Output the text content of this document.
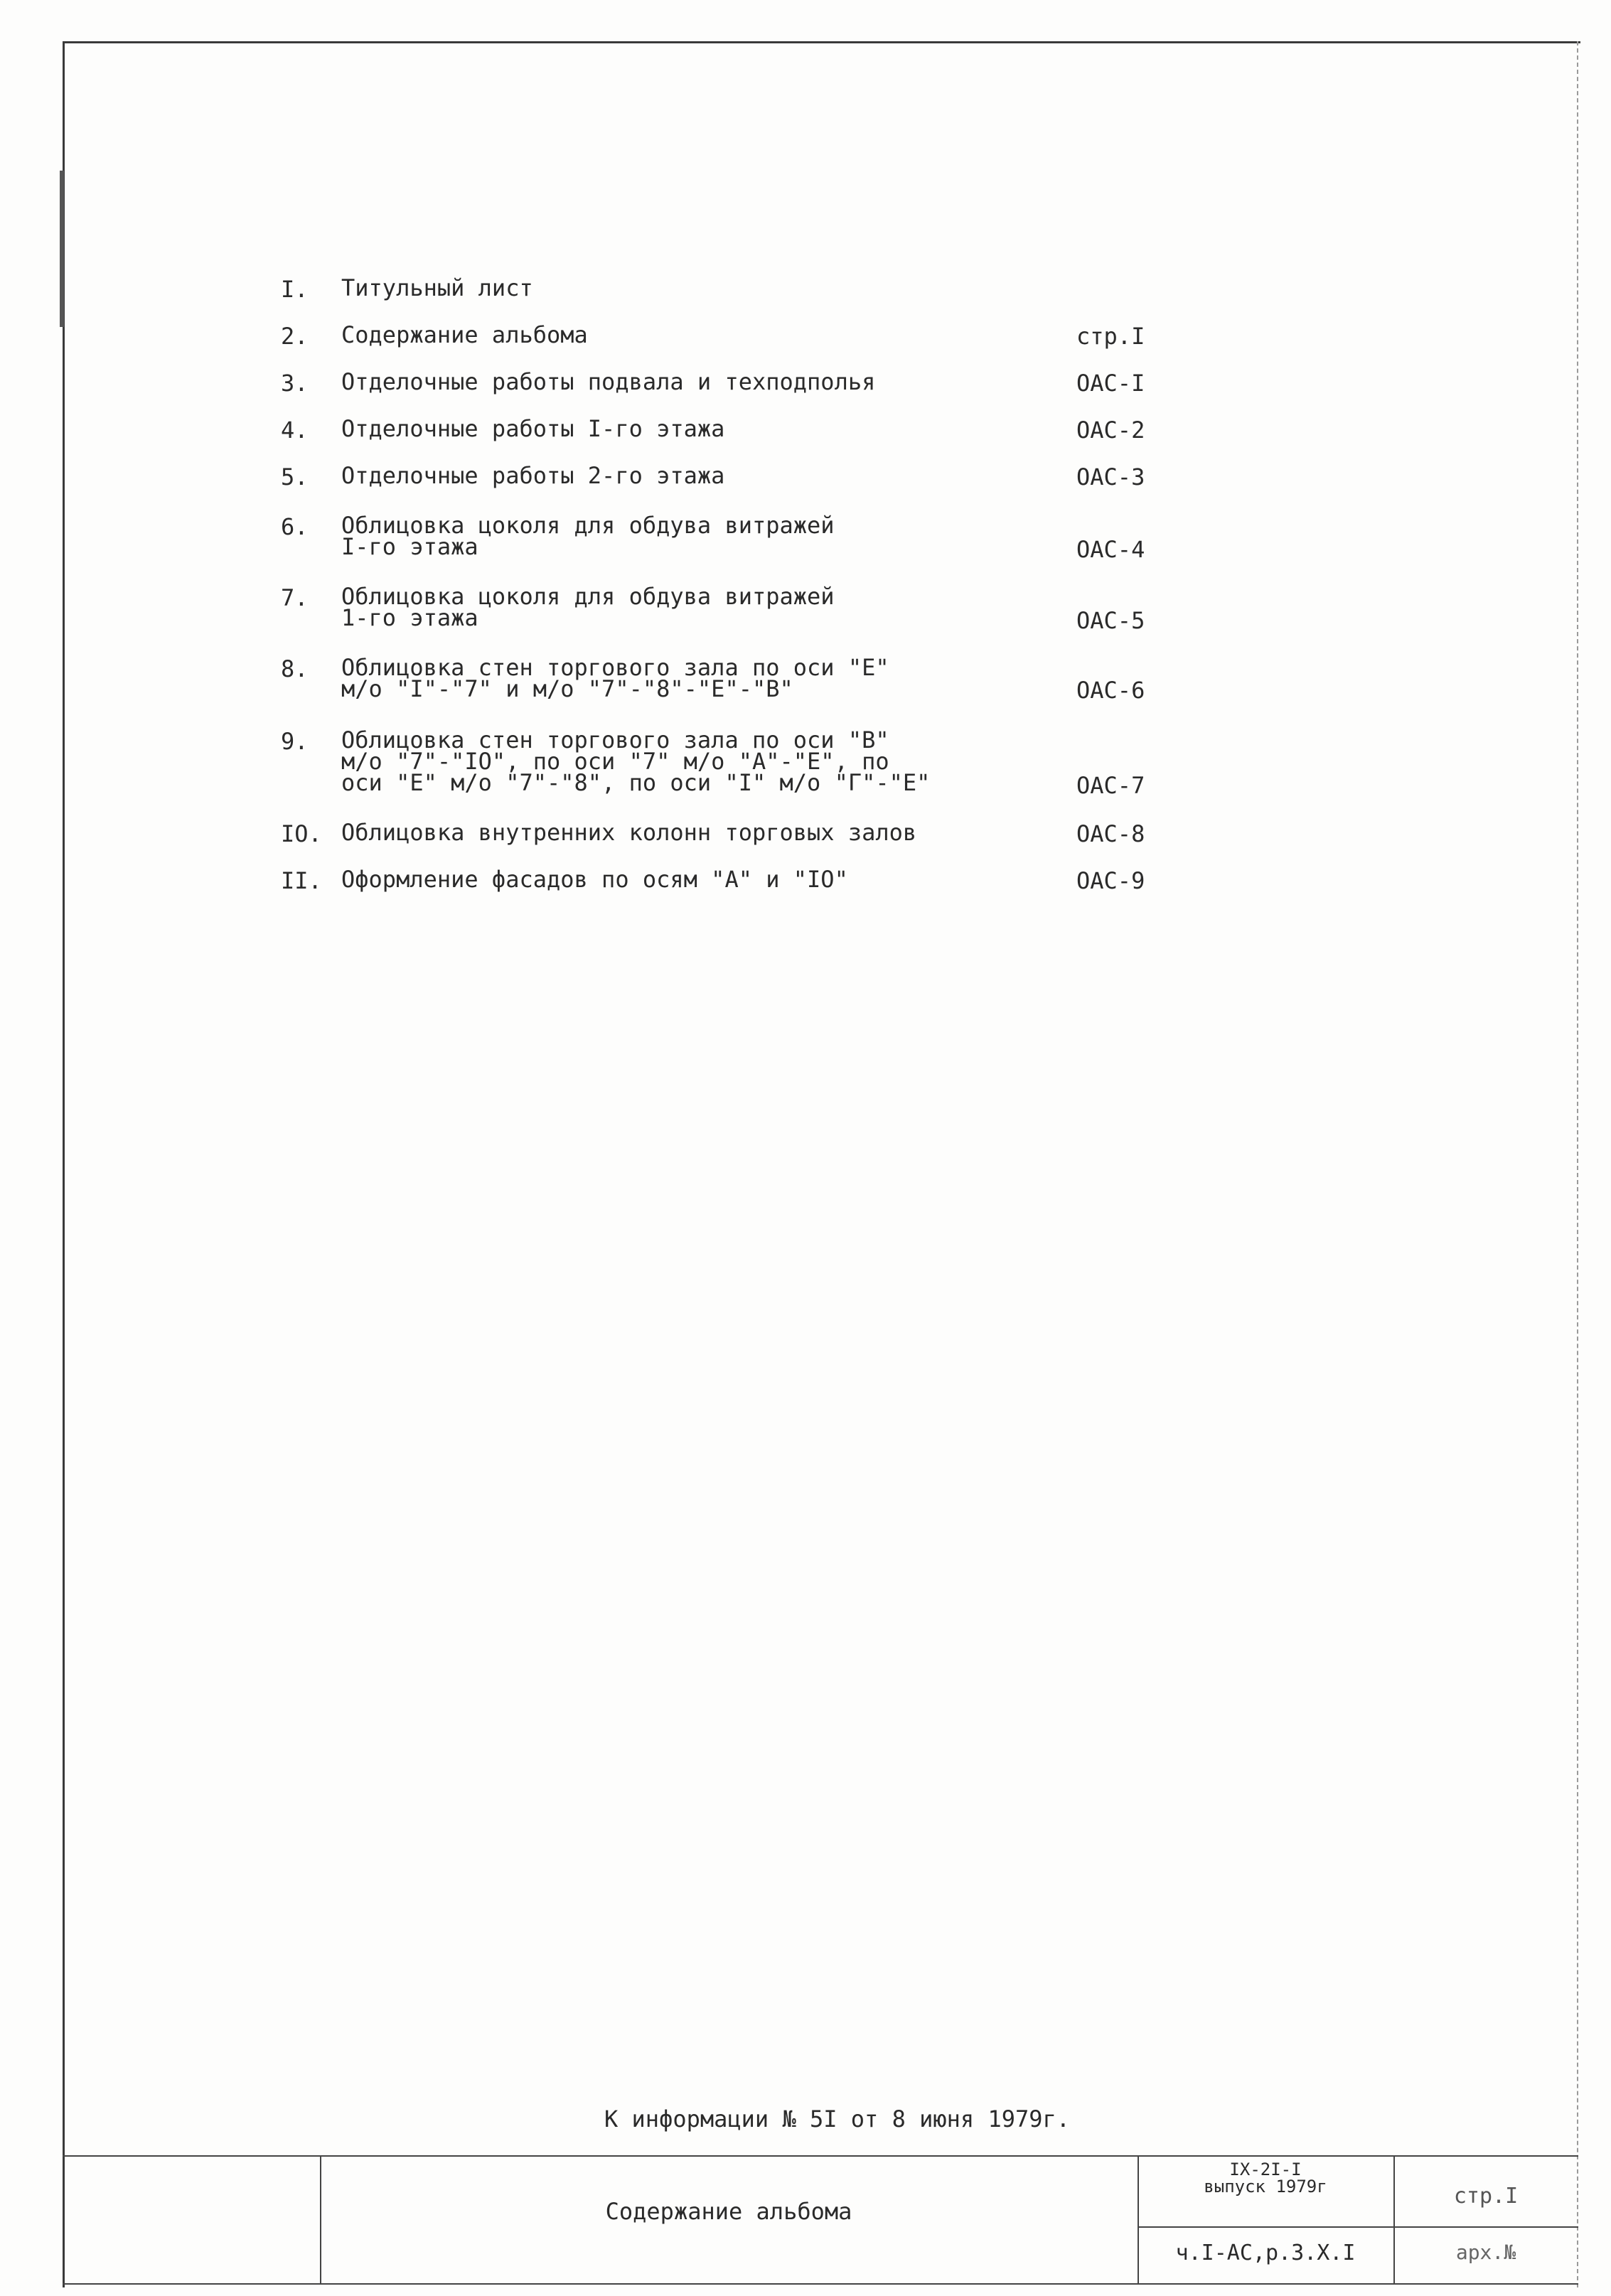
I.	Титульный лист
2.	Содержание альбома	стр.I
3.	Отделочные работы подвала и техподполья	ОАС-I
4.	Отделочные работы I-го этажа	ОАС-2
5.	Отделочные работы 2-го этажа	ОАС-3
6.	Облицовка цоколя для обдува витражей
I-го этажа	ОАС-4
7.	Облицовка цоколя для обдува витражей
1-го этажа	ОАС-5
8.	Облицовка стен торгового зала по оси "Е"
м/о "I"-"7" и м/о "7"-"8"-"Е"-"В"	ОАС-6
9.	Облицовка стен торгового зала по оси "В"
м/о "7"-"IO", по оси "7" м/о "А"-"Е", по
оси "Е" м/о "7"-"8", по оси "I" м/о "Г"-"Е"	ОАС-7
IO. Облицовка внутренних колонн торговых залов	ОАС-8
II. Оформление фасадов по осям "А" и "IO"	ОАС-9
К информации № 5I от 8 июня 1979г.
Содержание альбома
IX-2I-I
выпуск 1979г
ч.I-АС,р.3.Х.I
стр.I
арх.№
